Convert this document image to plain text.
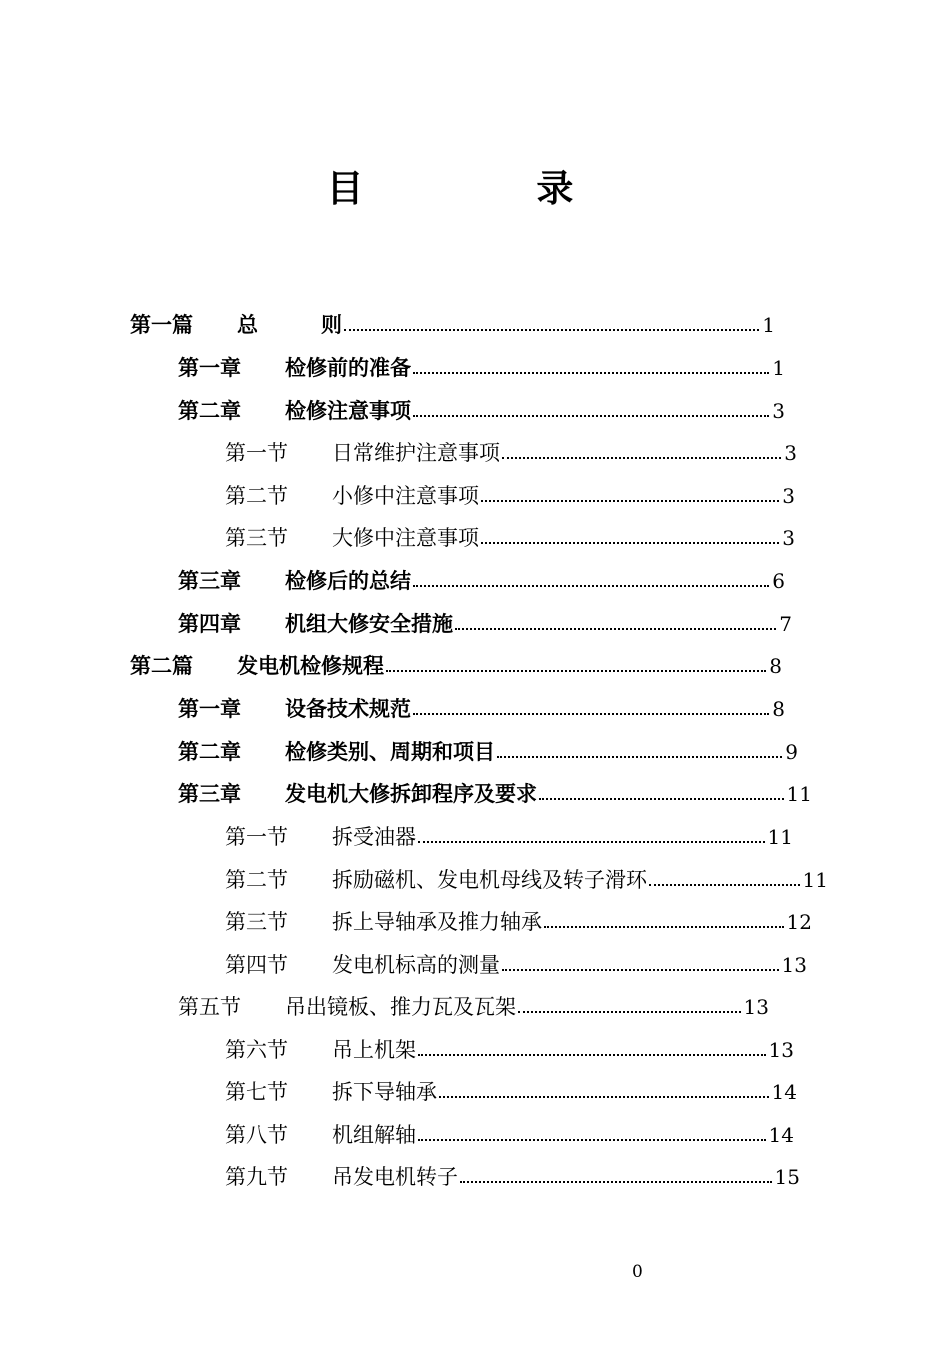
目 录
第一篇	总　　　则	1
第一章	检修前的准备	1
第二章	检修注意事项	3
第一节	日常维护注意事项	3
第二节	小修中注意事项	3
第三节	大修中注意事项	3
第三章	检修后的总结	6
第四章	机组大修安全措施	7
第二篇	发电机检修规程	8
第一章	设备技术规范	8
第二章	检修类别、周期和项目	9
第三章	发电机大修拆卸程序及要求	11
第一节	拆受油器	11
第二节	拆励磁机、发电机母线及转子滑环	11
第三节	拆上导轴承及推力轴承	12
第四节	发电机标高的测量	13
第五节	吊出镜板、推力瓦及瓦架	13
第六节	吊上机架	13
第七节	拆下导轴承	14
第八节	机组解轴	14
第九节	吊发电机转子	15
0
